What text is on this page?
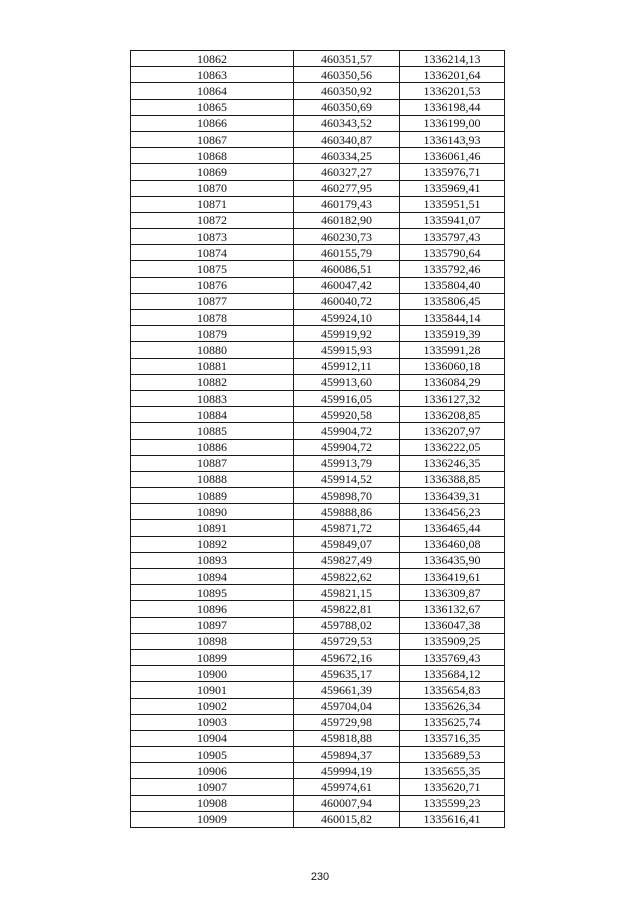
10862	460351,57	1336214,13
10863	460350,56	1336201,64
10864	460350,92	1336201,53
10865	460350,69	1336198,44
10866	460343,52	1336199,00
10867	460340,87	1336143,93
10868	460334,25	1336061,46
10869	460327,27	1335976,71
10870	460277,95	1335969,41
10871	460179,43	1335951,51
10872	460182,90	1335941,07
10873	460230,73	1335797,43
10874	460155,79	1335790,64
10875	460086,51	1335792,46
10876	460047,42	1335804,40
10877	460040,72	1335806,45
10878	459924,10	1335844,14
10879	459919,92	1335919,39
10880	459915,93	1335991,28
10881	459912,11	1336060,18
10882	459913,60	1336084,29
10883	459916,05	1336127,32
10884	459920,58	1336208,85
10885	459904,72	1336207,97
10886	459904,72	1336222,05
10887	459913,79	1336246,35
10888	459914,52	1336388,85
10889	459898,70	1336439,31
10890	459888,86	1336456,23
10891	459871,72	1336465,44
10892	459849,07	1336460,08
10893	459827,49	1336435,90
10894	459822,62	1336419,61
10895	459821,15	1336309,87
10896	459822,81	1336132,67
10897	459788,02	1336047,38
10898	459729,53	1335909,25
10899	459672,16	1335769,43
10900	459635,17	1335684,12
10901	459661,39	1335654,83
10902	459704,04	1335626,34
10903	459729,98	1335625,74
10904	459818,88	1335716,35
10905	459894,37	1335689,53
10906	459994,19	1335655,35
10907	459974,61	1335620,71
10908	460007,94	1335599,23
10909	460015,82	1335616,41
230
